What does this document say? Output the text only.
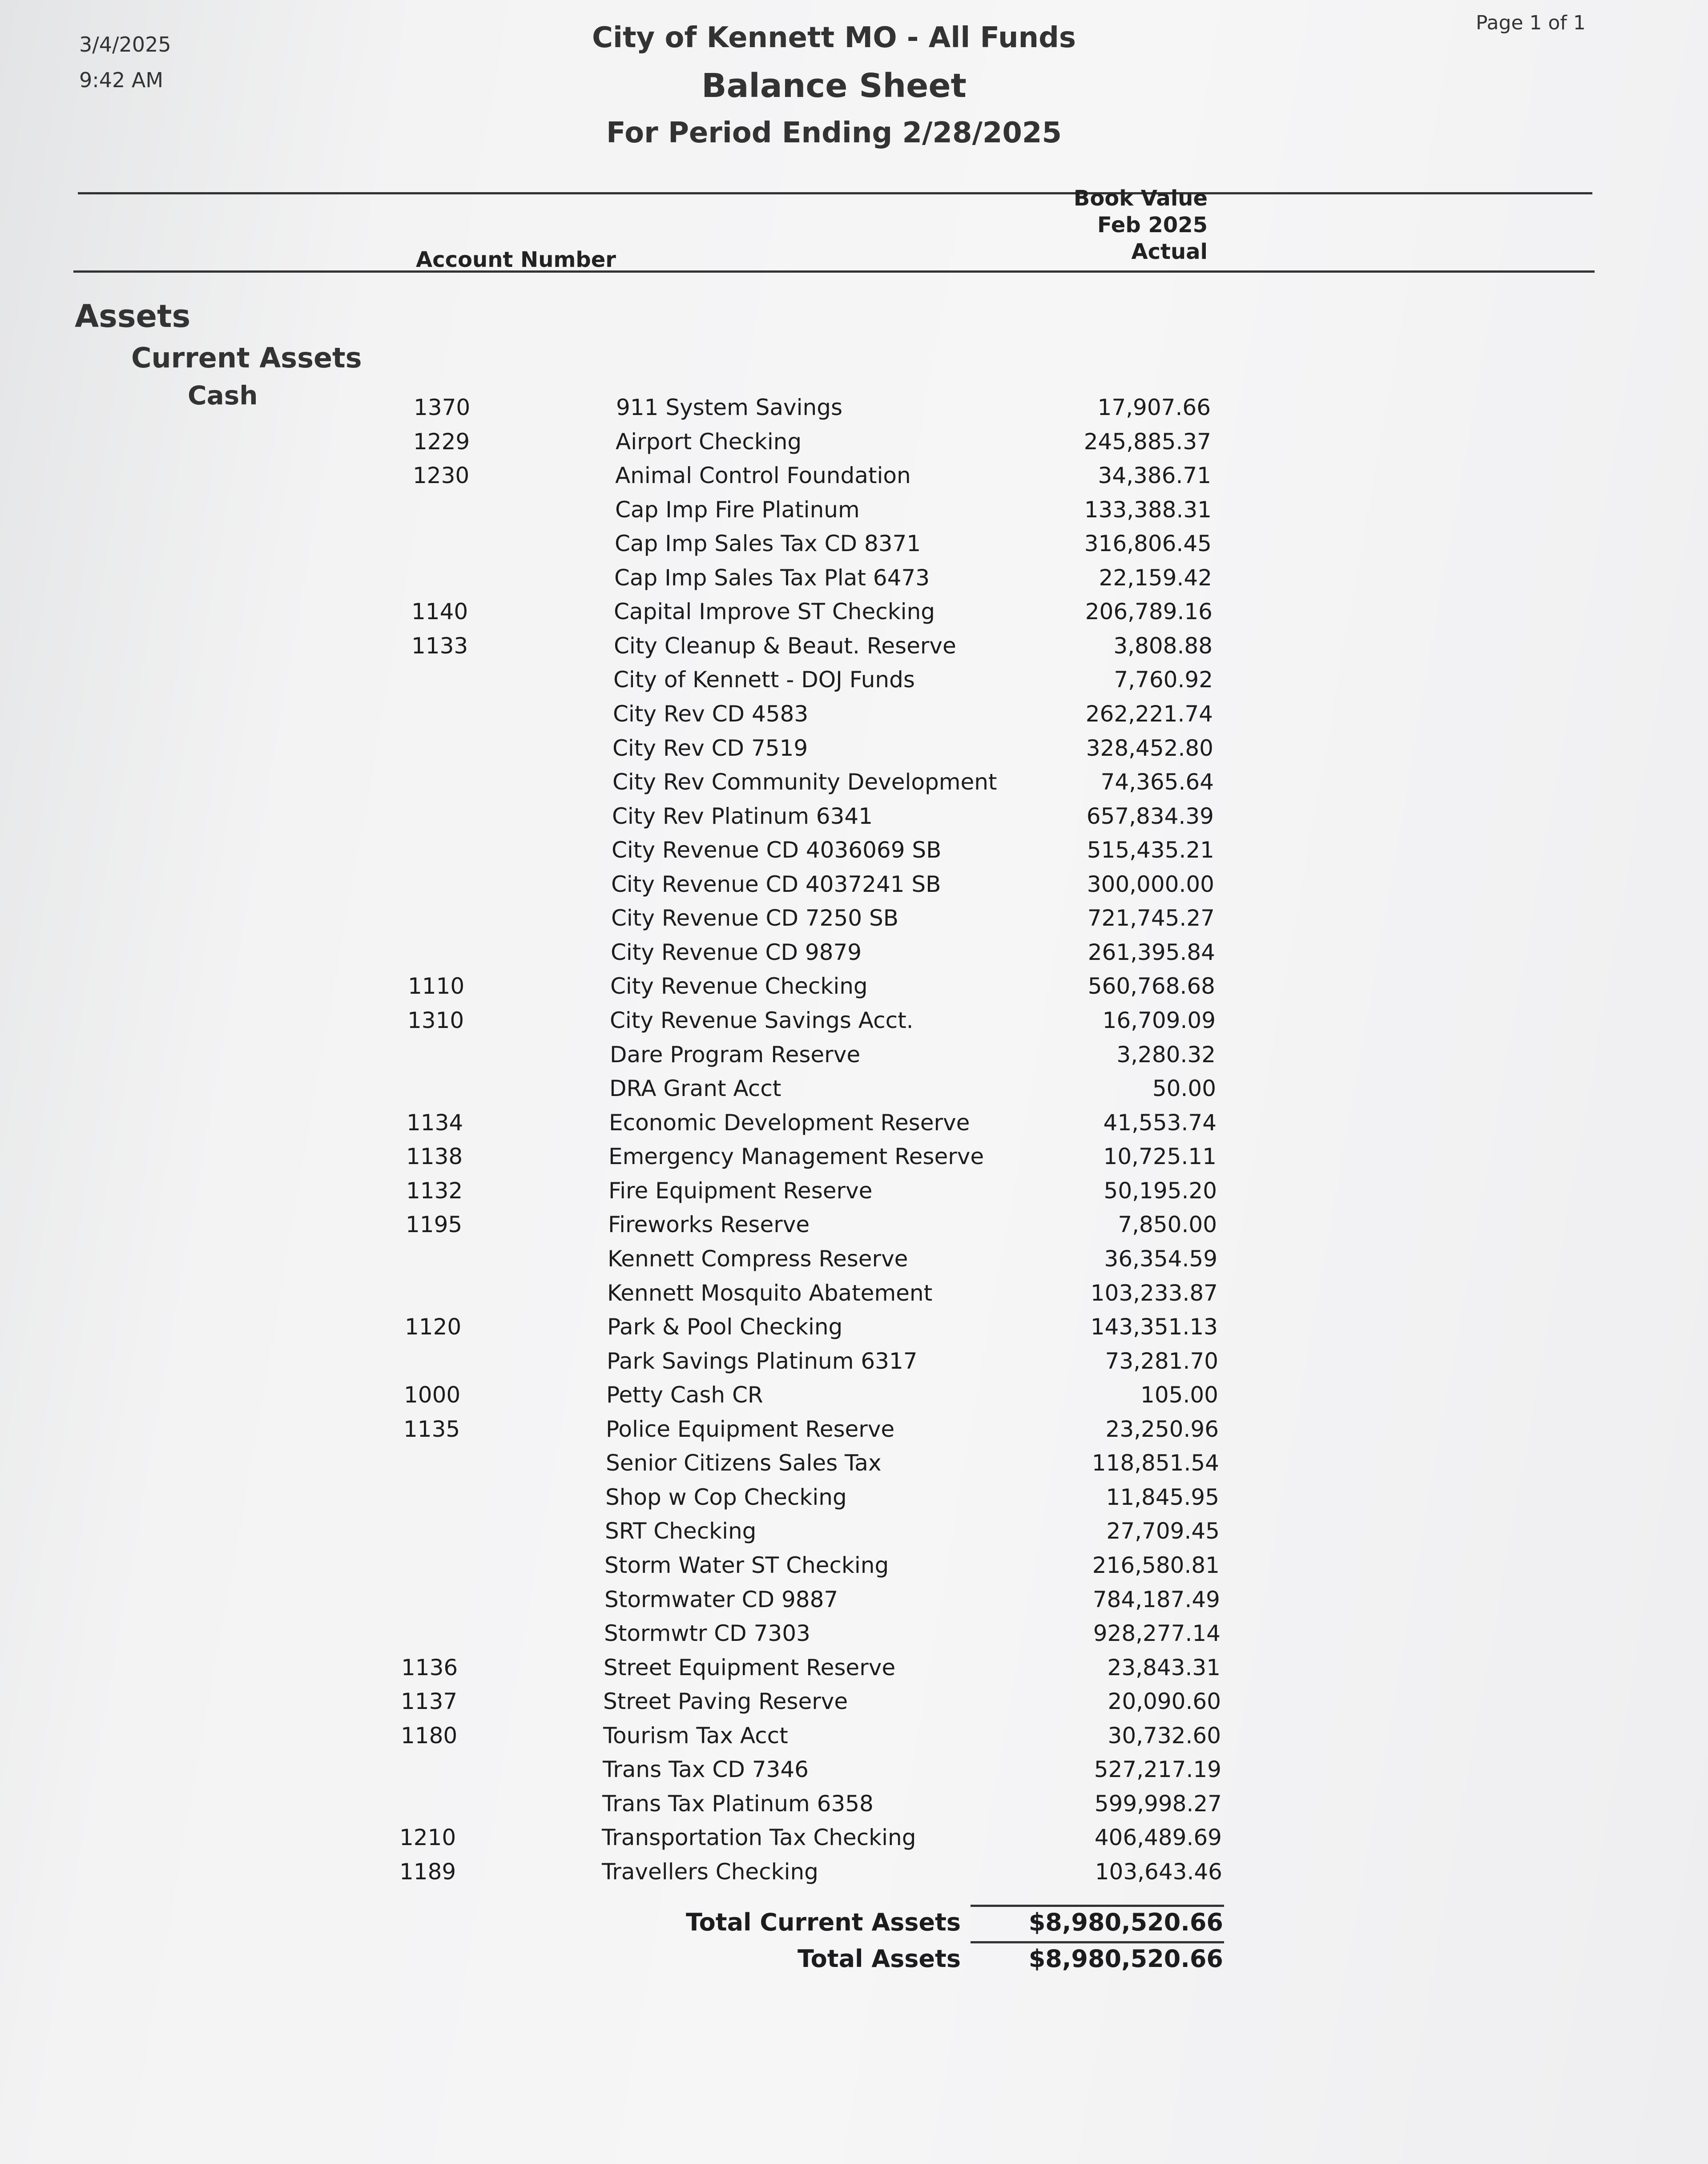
3/4/2025
9:42 AM
Page 1 of 1
City of Kennett MO - All Funds
Balance Sheet
For Period Ending 2/28/2025
Account Number
Book Value
Feb 2025
Actual
Assets
Current Assets
Cash	1370	911 System Savings	17,907.66
1229	Airport Checking	245,885.37
1230	Animal Control Foundation	34,386.71
Cap Imp Fire Platinum	133,388.31
Cap Imp Sales Tax CD 8371	316,806.45
Cap Imp Sales Tax Plat 6473	22,159.42
1140	Capital Improve ST Checking	206,789.16
1133	City Cleanup & Beaut. Reserve	3,808.88
City of Kennett - DOJ Funds	7,760.92
City Rev CD 4583	262,221.74
City Rev CD 7519	328,452.80
City Rev Community Development	74,365.64
City Rev Platinum 6341	657,834.39
City Revenue CD 4036069 SB	515,435.21
City Revenue CD 4037241 SB	300,000.00
City Revenue CD 7250 SB	721,745.27
City Revenue CD 9879	261,395.84
1110	City Revenue Checking	560,768.68
1310	City Revenue Savings Acct.	16,709.09
Dare Program Reserve	3,280.32
DRA Grant Acct	50.00
1134	Economic Development Reserve	41,553.74
1138	Emergency Management Reserve	10,725.11
1132	Fire Equipment Reserve	50,195.20
1195	Fireworks Reserve	7,850.00
Kennett Compress Reserve	36,354.59
Kennett Mosquito Abatement	103,233.87
1120	Park & Pool Checking	143,351.13
Park Savings Platinum 6317	73,281.70
1000	Petty Cash CR	105.00
1135	Police Equipment Reserve	23,250.96
Senior Citizens Sales Tax	118,851.54
Shop w Cop Checking	11,845.95
SRT Checking	27,709.45
Storm Water ST Checking	216,580.81
Stormwater CD 9887	784,187.49
Stormwtr CD 7303	928,277.14
1136	Street Equipment Reserve	23,843.31
1137	Street Paving Reserve	20,090.60
1180	Tourism Tax Acct	30,732.60
Trans Tax CD 7346	527,217.19
Trans Tax Platinum 6358	599,998.27
1210	Transportation Tax Checking	406,489.69
1189	Travellers Checking	103,643.46
Total Current Assets	$8,980,520.66
Total Assets	$8,980,520.66
